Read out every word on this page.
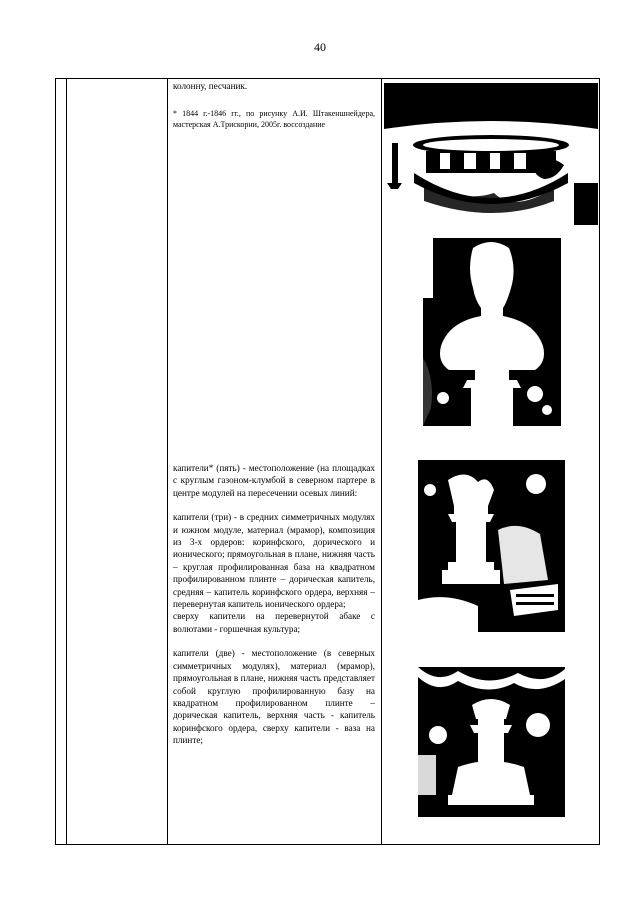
40

колонну, песчаник.

* 1844 г.-1846 гг., по рисунку А.И. Штакеншнейдера, мастерская А.Трискорни, 2005г. воссоздание

капители* (пять) - местоположение (на площадках с круглым газоном-клумбой в северном партере в центре модулей на пересечении осевых линий:

капители (три) - в средних симметричных модулях и южном модуле, материал (мрамор), композиция из 3-х ордеров: коринфского, дорического и ионического; прямоугольная в плане, нижняя часть – круглая профилированная база на квадратном профилированном плинте – дорическая капитель, средняя – капитель коринфского ордера, верхняя – перевернутая капитель ионического ордера;
сверху капители на перевернутой абаке с волютами - горшечная культура;

капители (две) - местоположение (в северных симметричных модулях), материал (мрамор), прямоугольная в плане, нижняя часть представляет собой круглую профилированную базу на квадратном профилированном плинте – дорическая капитель, верхняя часть - капитель коринфского ордера, сверху капители - ваза на плинте;
